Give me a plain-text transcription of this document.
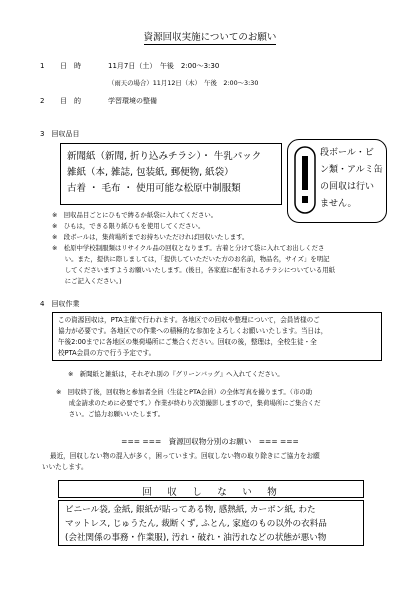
資源回収実施についてのお願い
1 日　時	11月7日（土）　午後　2:00～3:30
（雨天の場合）11月12日（木）　午後　2:00～3:30
2 目　的	学習環境の整備
3　回収品目
新聞紙（新聞, 折り込みチラシ）・ 牛乳パック
雑紙（本, 雑誌, 包装紙, 郵便物, 紙袋）
古着 ・ 毛布 ・ 使用可能な松原中制服類
段ボール・ビ
ン類・アルミ缶
の回収は行い
ません。
※　回収品目ごとにひもで縛るか紙袋に入れてください。
※　ひもは，できる限り紙ひもを使用してください。
※　段ボールは，集荷場所までお持ちいただければ回収いたします。
※　松原中学校制服類はリサイクル品の回収となります。古着と分けて袋に入れてお出しくださ
　　い。また，提供に際しましては，「提供していただいた方のお名前，物品名，サイズ」を明記
　　してくださいますようお願いいたします。(後日，各家庭に配布されるチラシについている用紙
　　にご記入ください。)
4　回収作業
この資源回収は，PTA主催で行われます。各地区での回収や整理について，会員皆様のご
協力が必要です。各地区での作業への積極的な参加をよろしくお願いいたします。当日は，
午後2:00までに各地区の集荷場所にご集合ください。回収の後，整理は，全校生徒・全
校PTA会員の方で行う予定です。
※　新聞紙と雑紙は，それぞれ別の『グリーンバッグ』へ入れてください。
※　回収終了後，回収物と参加者全員（生徒とPTA会員）の全体写真を撮ります。（市の助
　　成金請求のために必要です。）作業が終わり次第撮影しますので，集荷場所にご集合くだ
　　さい。ご協力お願いいたします。
=== ===　資源回収物分別のお願い　=== ===
最近，回収しない物の混入が多く，困っています。回収しない物の取り除きにご協力をお願
いいたします。
回　収　し　な　い　物
ビニール袋, 金紙, 銀紙が貼ってある物, 感熱紙, カーボン紙, わた
マットレス, じゅうたん, 裁断くず, ふとん, 家庭のもの以外の衣料品
(会社関係の事務・作業服), 汚れ・破れ・油汚れなどの状態が悪い物
